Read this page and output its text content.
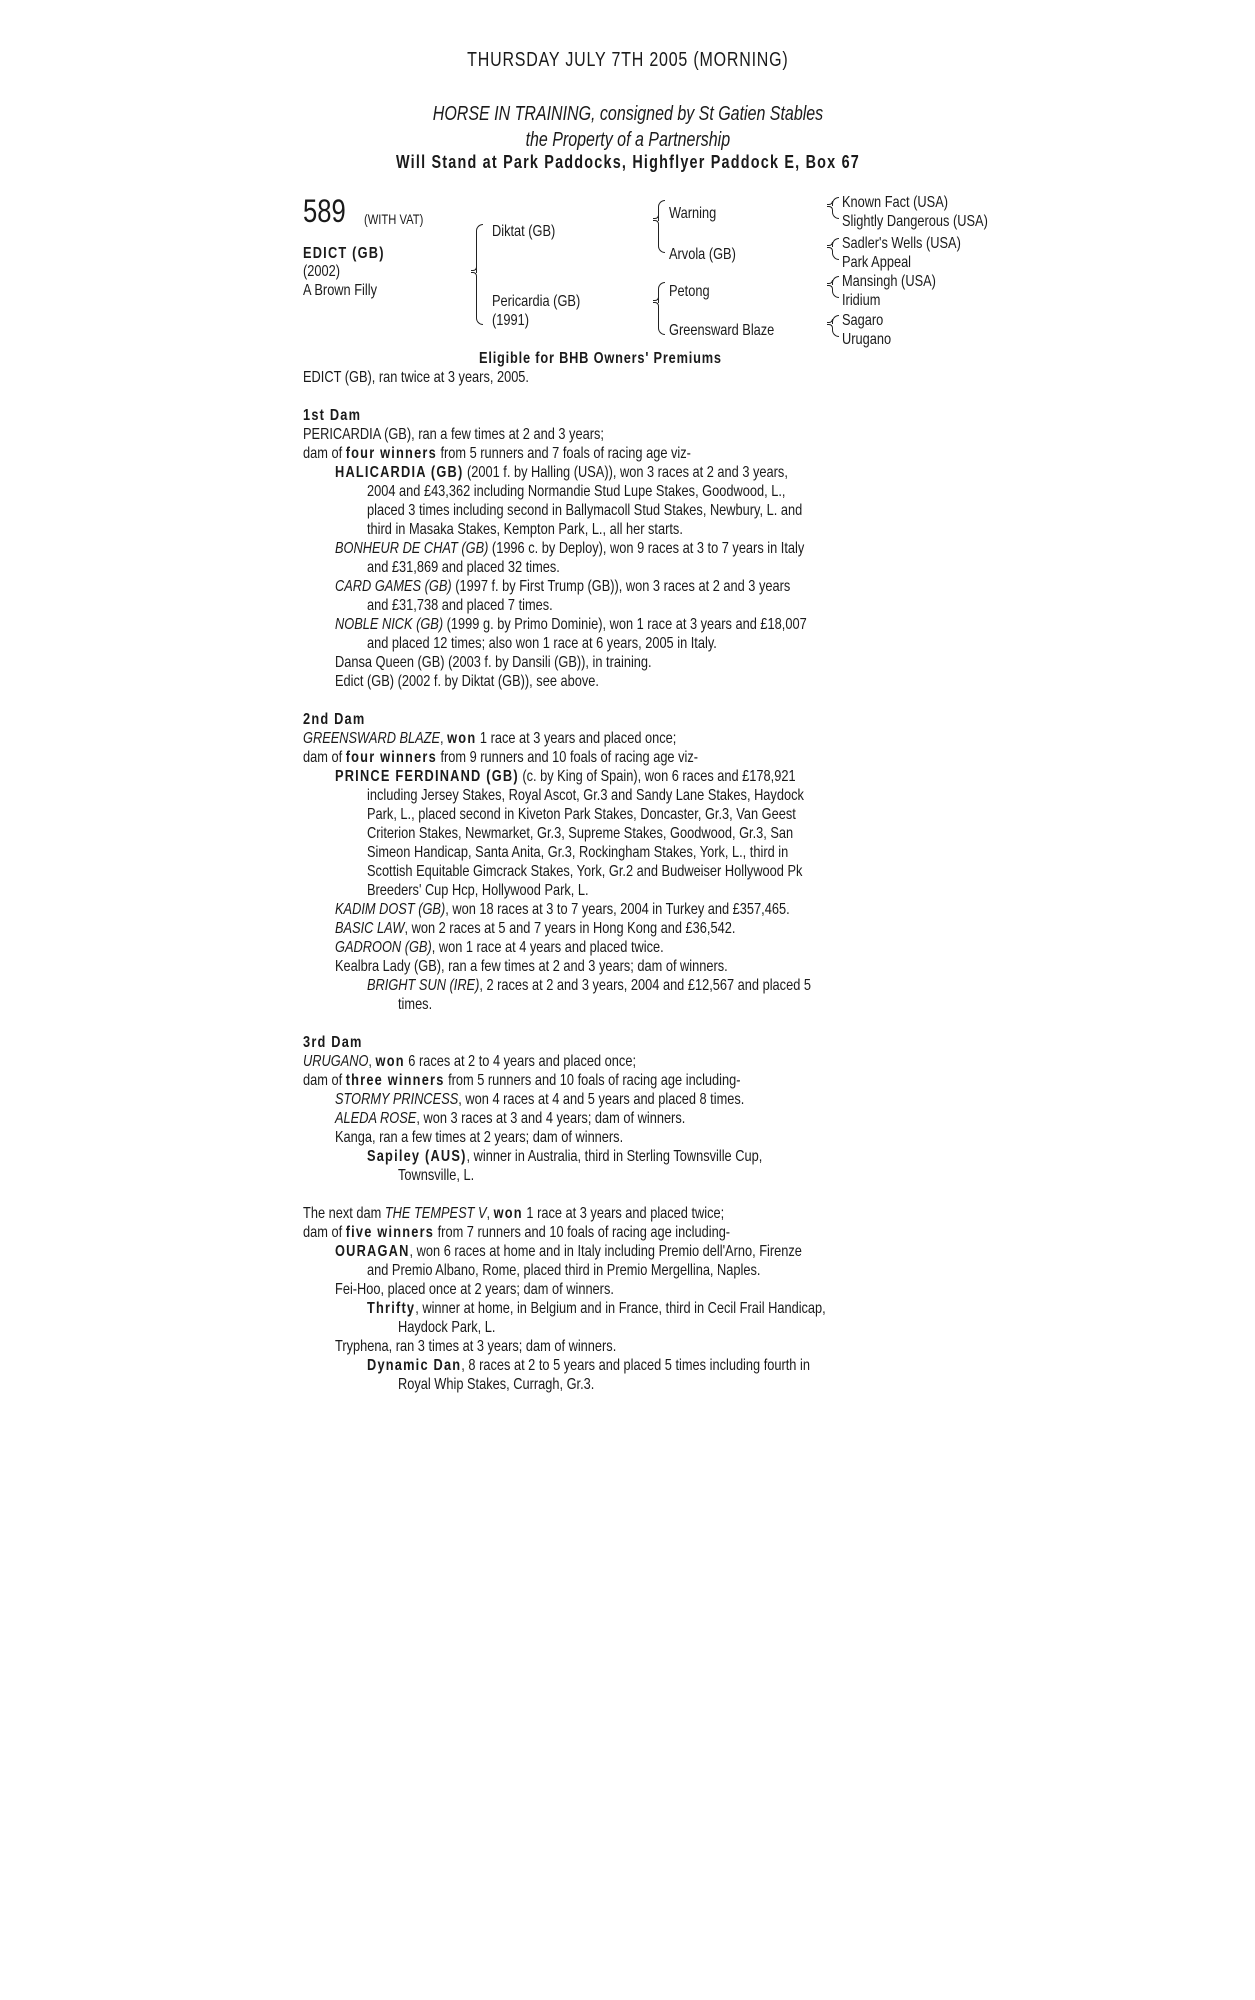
THURSDAY JULY 7TH 2005 (MORNING)
HORSE IN TRAINING, consigned by St Gatien Stables
the Property of a Partnership
Will Stand at Park Paddocks, Highflyer Paddock E, Box 67
589 (WITH VAT)
EDICT (GB)
(2002)
A Brown Filly
Diktat (GB)
Pericardia (GB)
(1991)
Warning
Arvola (GB)
Petong
Greensward Blaze
Known Fact (USA)
Slightly Dangerous (USA)
Sadler's Wells (USA)
Park Appeal
Mansingh (USA)
Iridium
Sagaro
Urugano
Eligible for BHB Owners' Premiums
EDICT (GB), ran twice at 3 years, 2005.
1st Dam
PERICARDIA (GB), ran a few times at 2 and 3 years;
dam of four winners from 5 runners and 7 foals of racing age viz-
HALICARDIA (GB) (2001 f. by Halling (USA)), won 3 races at 2 and 3 years,
2004 and £43,362 including Normandie Stud Lupe Stakes, Goodwood, L.,
placed 3 times including second in Ballymacoll Stud Stakes, Newbury, L. and
third in Masaka Stakes, Kempton Park, L., all her starts.
BONHEUR DE CHAT (GB) (1996 c. by Deploy), won 9 races at 3 to 7 years in Italy
and £31,869 and placed 32 times.
CARD GAMES (GB) (1997 f. by First Trump (GB)), won 3 races at 2 and 3 years
and £31,738 and placed 7 times.
NOBLE NICK (GB) (1999 g. by Primo Dominie), won 1 race at 3 years and £18,007
and placed 12 times; also won 1 race at 6 years, 2005 in Italy.
Dansa Queen (GB) (2003 f. by Dansili (GB)), in training.
Edict (GB) (2002 f. by Diktat (GB)), see above.
2nd Dam
GREENSWARD BLAZE, won 1 race at 3 years and placed once;
dam of four winners from 9 runners and 10 foals of racing age viz-
PRINCE FERDINAND (GB) (c. by King of Spain), won 6 races and £178,921
including Jersey Stakes, Royal Ascot, Gr.3 and Sandy Lane Stakes, Haydock
Park, L., placed second in Kiveton Park Stakes, Doncaster, Gr.3, Van Geest
Criterion Stakes, Newmarket, Gr.3, Supreme Stakes, Goodwood, Gr.3, San
Simeon Handicap, Santa Anita, Gr.3, Rockingham Stakes, York, L., third in
Scottish Equitable Gimcrack Stakes, York, Gr.2 and Budweiser Hollywood Pk
Breeders' Cup Hcp, Hollywood Park, L.
KADIM DOST (GB), won 18 races at 3 to 7 years, 2004 in Turkey and £357,465.
BASIC LAW, won 2 races at 5 and 7 years in Hong Kong and £36,542.
GADROON (GB), won 1 race at 4 years and placed twice.
Kealbra Lady (GB), ran a few times at 2 and 3 years; dam of winners.
BRIGHT SUN (IRE), 2 races at 2 and 3 years, 2004 and £12,567 and placed 5
times.
3rd Dam
URUGANO, won 6 races at 2 to 4 years and placed once;
dam of three winners from 5 runners and 10 foals of racing age including-
STORMY PRINCESS, won 4 races at 4 and 5 years and placed 8 times.
ALEDA ROSE, won 3 races at 3 and 4 years; dam of winners.
Kanga, ran a few times at 2 years; dam of winners.
Sapiley (AUS), winner in Australia, third in Sterling Townsville Cup,
Townsville, L.
The next dam THE TEMPEST V, won 1 race at 3 years and placed twice;
dam of five winners from 7 runners and 10 foals of racing age including-
OURAGAN, won 6 races at home and in Italy including Premio dell'Arno, Firenze
and Premio Albano, Rome, placed third in Premio Mergellina, Naples.
Fei-Hoo, placed once at 2 years; dam of winners.
Thrifty, winner at home, in Belgium and in France, third in Cecil Frail Handicap,
Haydock Park, L.
Tryphena, ran 3 times at 3 years; dam of winners.
Dynamic Dan, 8 races at 2 to 5 years and placed 5 times including fourth in
Royal Whip Stakes, Curragh, Gr.3.
